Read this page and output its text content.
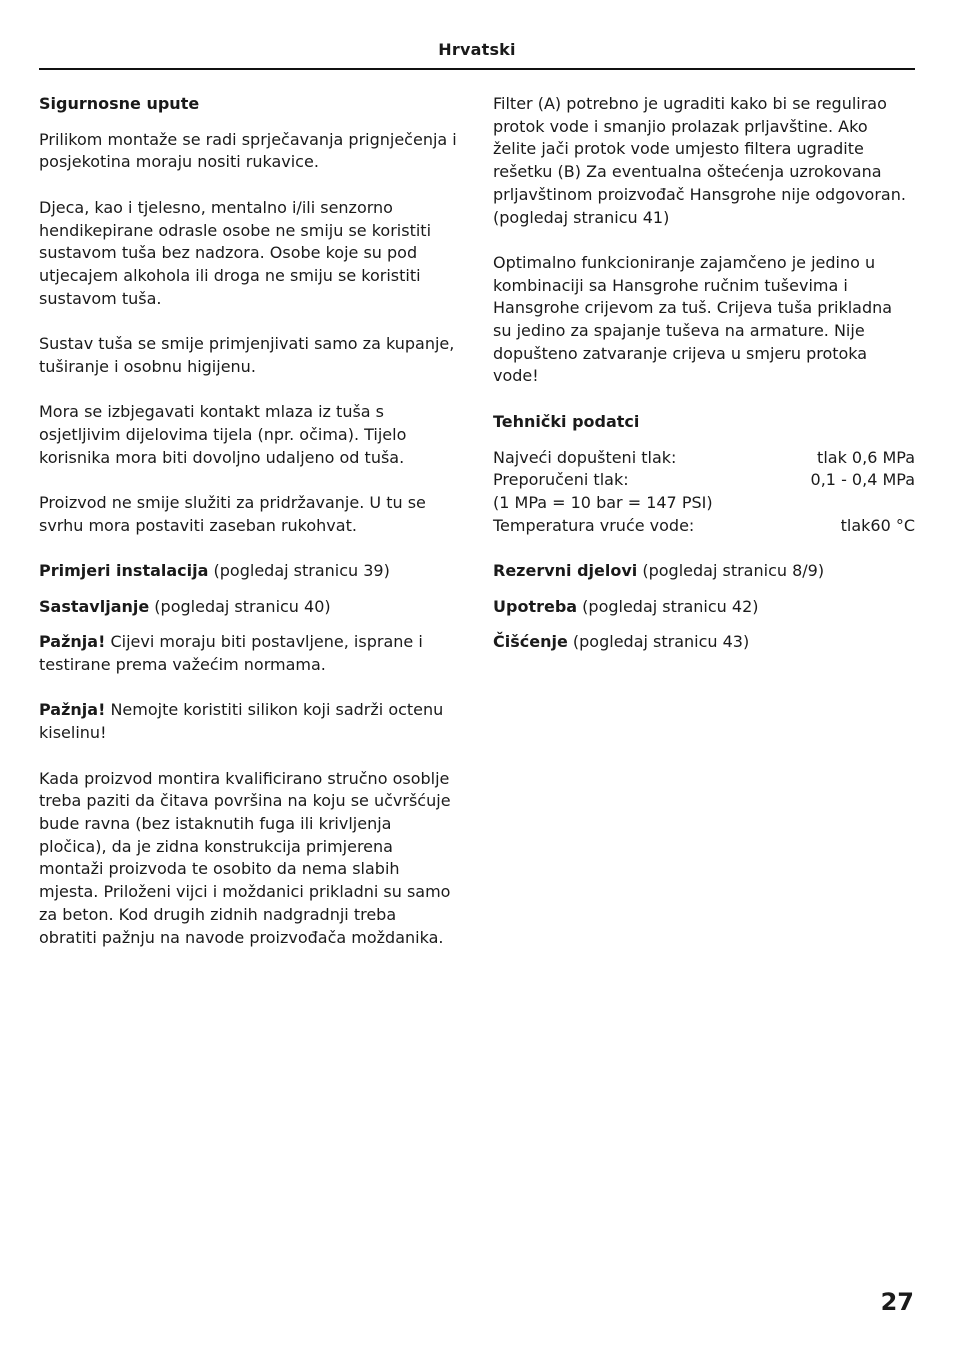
Hrvatski

Sigurnosne upute

Prilikom montaže se radi sprječavanja prignječenja i posjekotina moraju nositi rukavice.

Djeca, kao i tjelesno, mentalno i/ili senzorno hendikepirane odrasle osobe ne smiju se koristiti sustavom tuša bez nadzora. Osobe koje su pod utjecajem alkohola ili droga ne smiju se koristiti sustavom tuša.

Sustav tuša se smije primjenjivati samo za kupanje, tuširanje i osobnu higijenu.

Mora se izbjegavati kontakt mlaza iz tuša s osjetljivim dijelovima tijela (npr. očima). Tijelo korisnika mora biti dovoljno udaljeno od tuša.

Proizvod ne smije služiti za pridržavanje. U tu se svrhu mora postaviti zaseban rukohvat.

Primjeri instalacija (pogledaj stranicu 39)

Sastavljanje (pogledaj stranicu 40)

Pažnja! Cijevi moraju biti postavljene, isprane i testirane prema važećim normama.

Pažnja! Nemojte koristiti silikon koji sadrži octenu kiselinu!

Kada proizvod montira kvalificirano stručno osoblje treba paziti da čitava površina na koju se učvršćuje bude ravna (bez istaknutih fuga ili krivljenja pločica), da je zidna konstrukcija primjerena montaži proizvoda te osobito da nema slabih mjesta. Priloženi vijci i moždanici prikladni su samo za beton. Kod drugih zidnih nadgradnji treba obratiti pažnju na navode proizvođača moždanika.

Filter (A) potrebno je ugraditi kako bi se regulirao protok vode i smanjio prolazak prljavštine. Ako želite jači protok vode umjesto filtera ugradite rešetku (B) Za eventualna oštećenja uzrokovana prljavštinom proizvođač Hansgrohe nije odgovoran. (pogledaj stranicu 41)

Optimalno funkcioniranje zajamčeno je jedino u kombinaciji sa Hansgrohe ručnim tuševima i Hansgrohe crijevom za tuš. Crijeva tuša prikladna su jedino za spajanje tuševa na armature. Nije dopušteno zatvaranje crijeva u smjeru protoka vode!

Tehnički podatci

Najveći dopušteni tlak:	tlak 0,6 MPa
Preporučeni tlak:	0,1 - 0,4 MPa
(1 MPa = 10 bar = 147 PSI)
Temperatura vruće vode:	tlak60 °C

Rezervni djelovi (pogledaj stranicu 8/9)

Upotreba (pogledaj stranicu 42)

Čišćenje (pogledaj stranicu 43)

27
